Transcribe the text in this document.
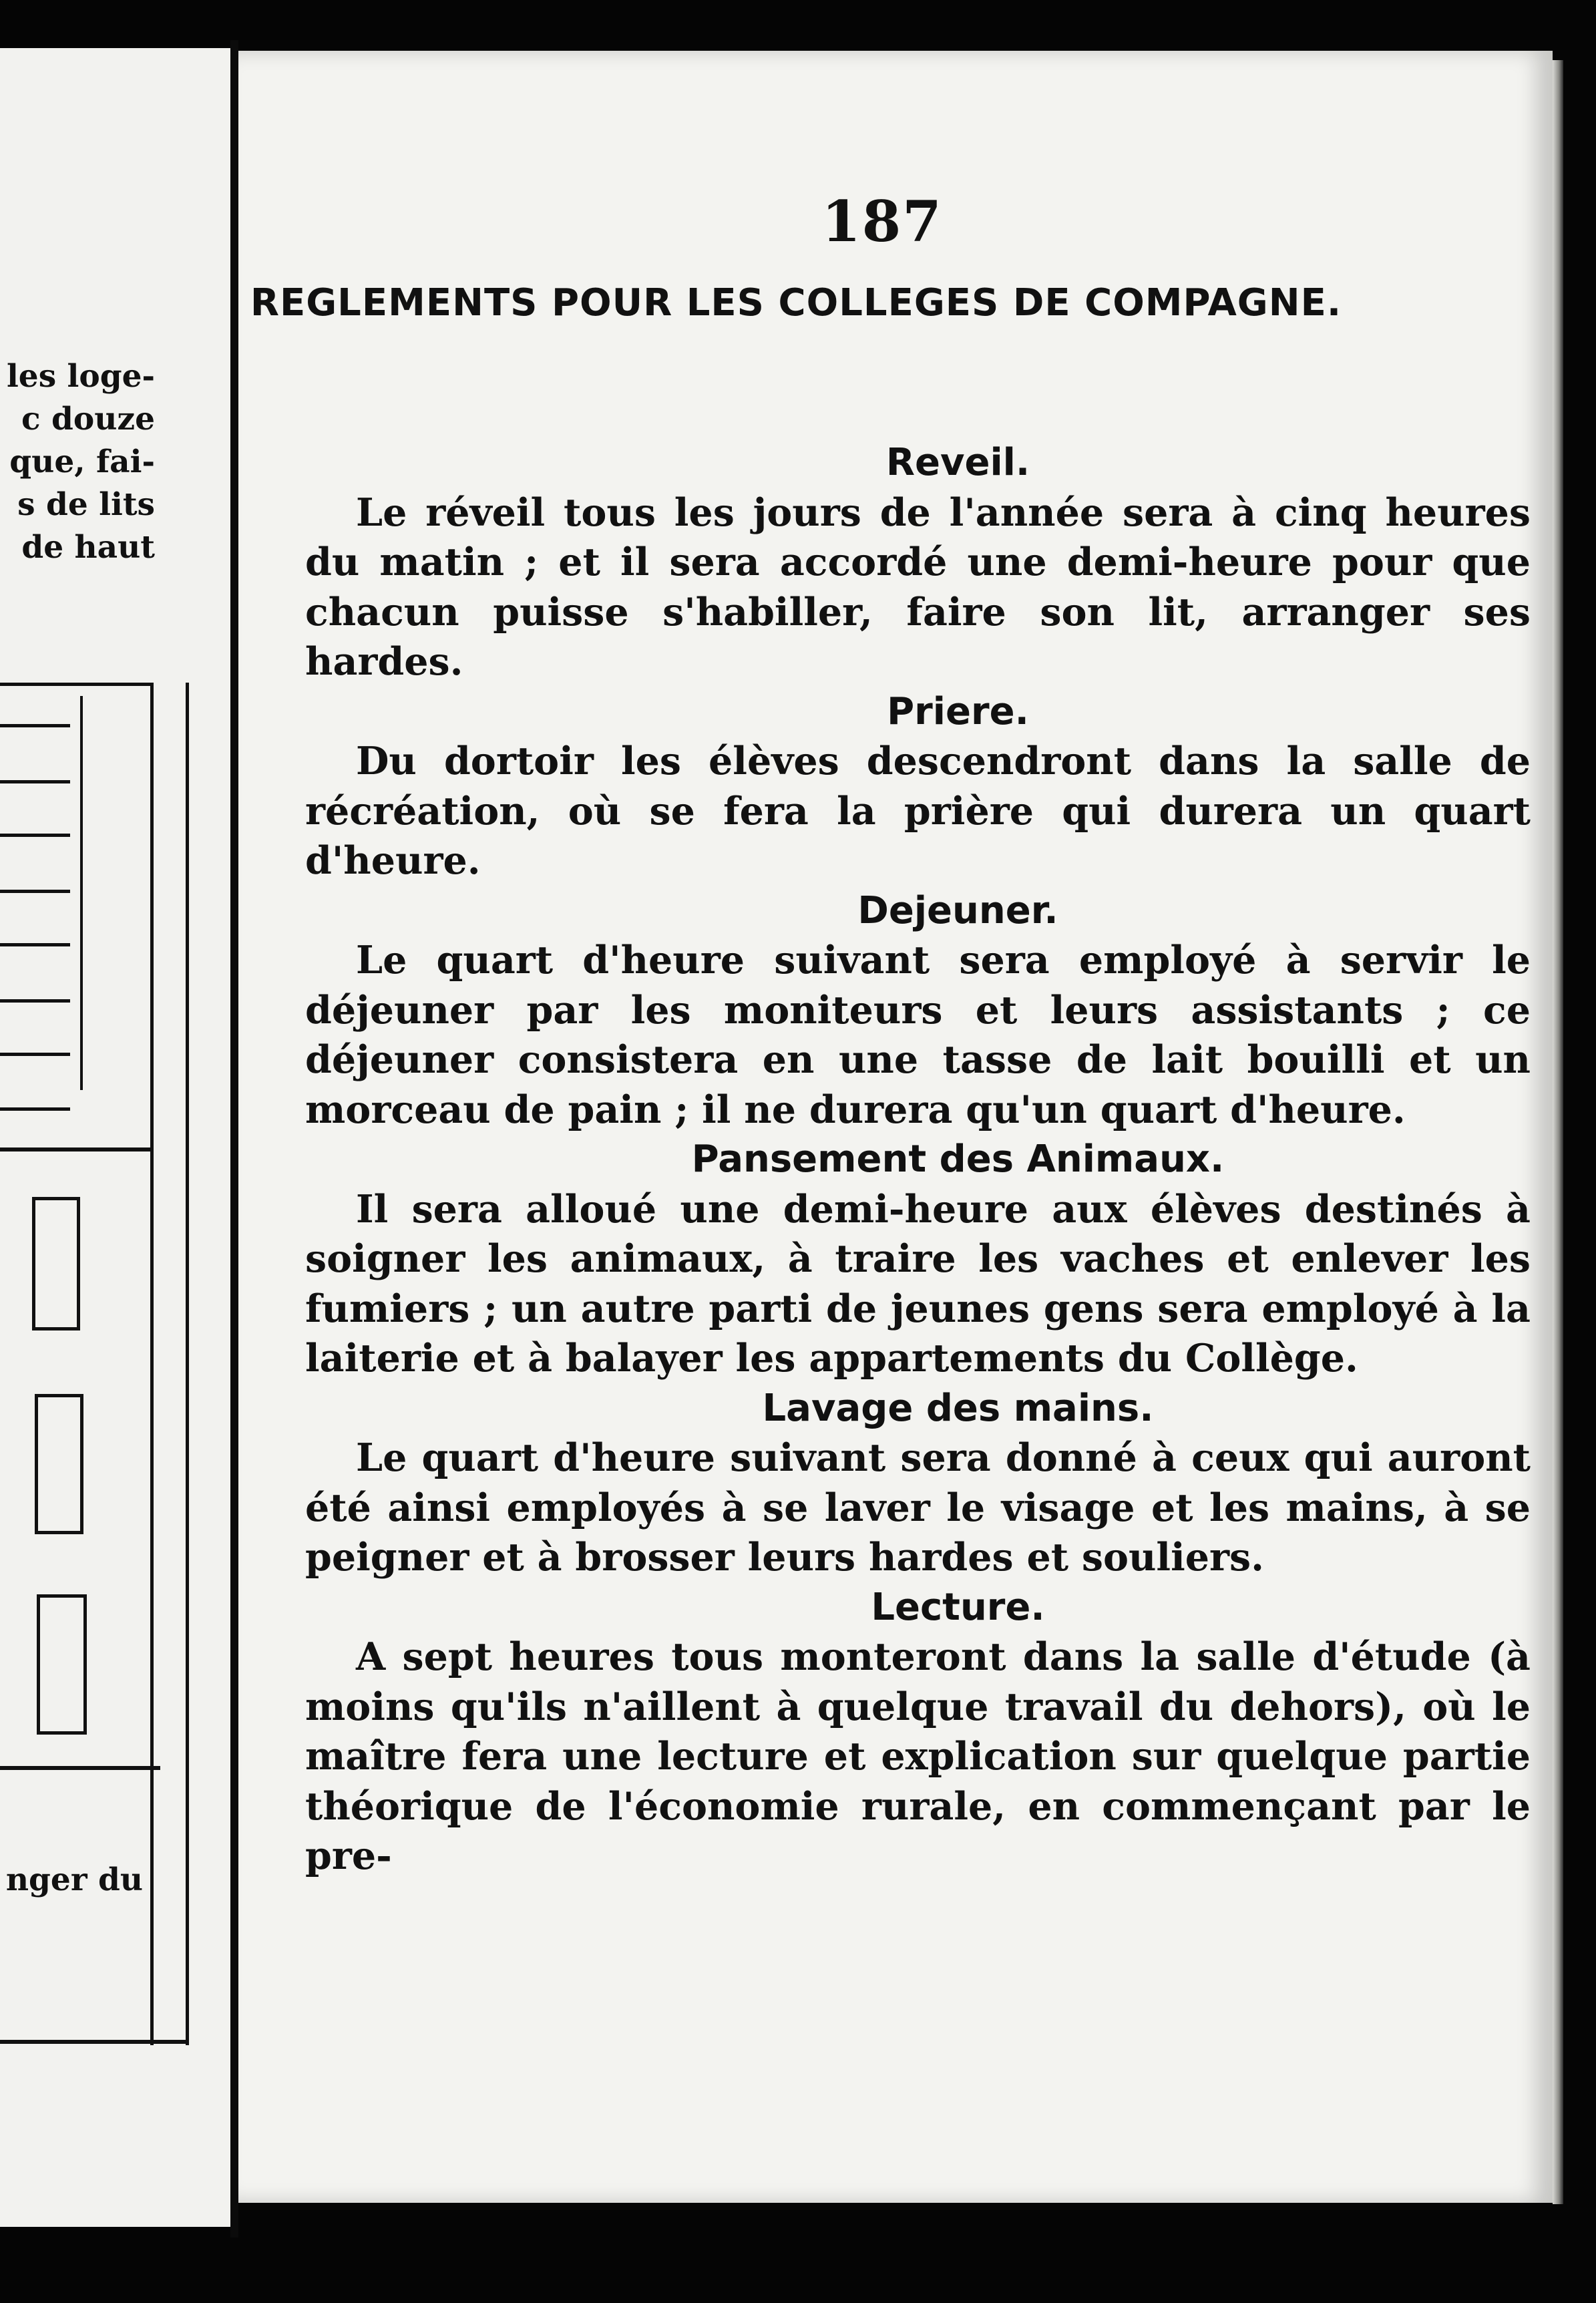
les loge-
c douze
que, fai-
s de lits
de haut
nger du
187
REGLEMENTS POUR LES COLLEGES DE COMPAGNE.
Reveil.

Le réveil tous les jours de l'année sera à cinq heures du matin ; et il sera accordé une demi-heure pour que chacun puisse s'habiller, faire son lit, arranger ses hardes.

Priere.

Du dortoir les élèves descendront dans la salle de récréation, où se fera la prière qui durera un quart d'heure.

Dejeuner.

Le quart d'heure suivant sera employé à servir le déjeuner par les moniteurs et leurs assistants ; ce déjeuner consistera en une tasse de lait bouilli et un morceau de pain ; il ne durera qu'un quart d'heure.

Pansement des Animaux.

Il sera alloué une demi-heure aux élèves destinés à soigner les animaux, à traire les vaches et enlever les fumiers ; un autre parti de jeunes gens sera employé à la laiterie et à balayer les appartements du Collège.

Lavage des mains.

Le quart d'heure suivant sera donné à ceux qui auront été ainsi employés à se laver le visage et les mains, à se peigner et à brosser leurs hardes et souliers.

Lecture.

A sept heures tous monteront dans la salle d'étude (à moins qu'ils n'aillent à quelque travail du dehors), où le maître fera une lecture et explication sur quelque partie théorique de l'économie rurale, en commençant par le pre-
